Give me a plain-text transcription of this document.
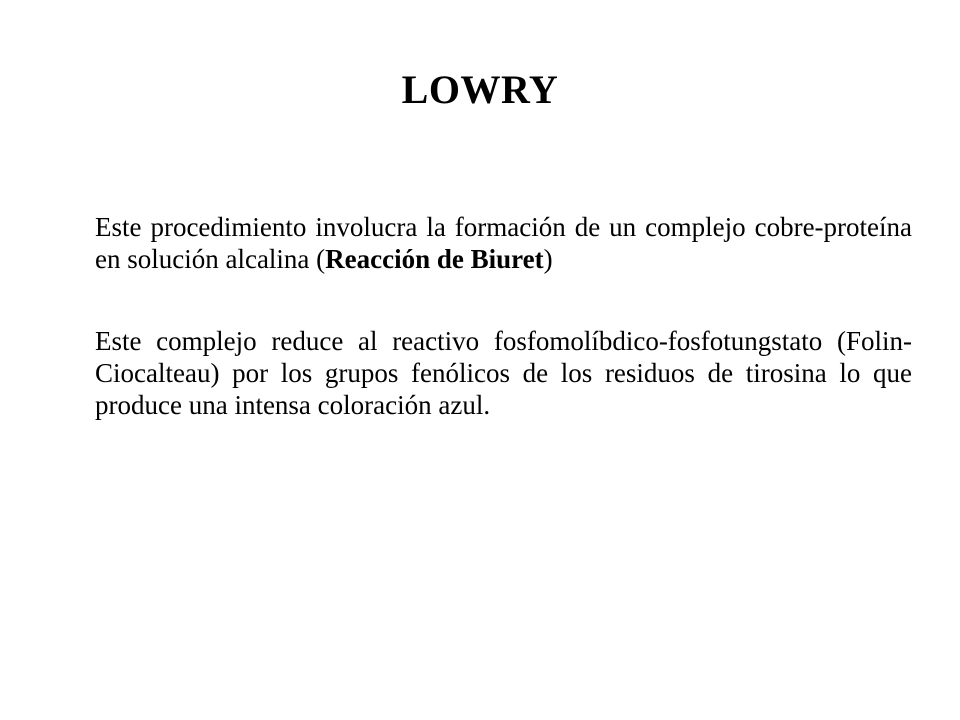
LOWRY

Este procedimiento involucra la formación de un complejo cobre-proteína en solución alcalina (Reacción de Biuret)

Este complejo reduce al reactivo fosfomolíbdico-fosfotungstato (Folin-Ciocalteau) por los grupos fenólicos de los residuos de tirosina lo que produce una intensa coloración azul.
